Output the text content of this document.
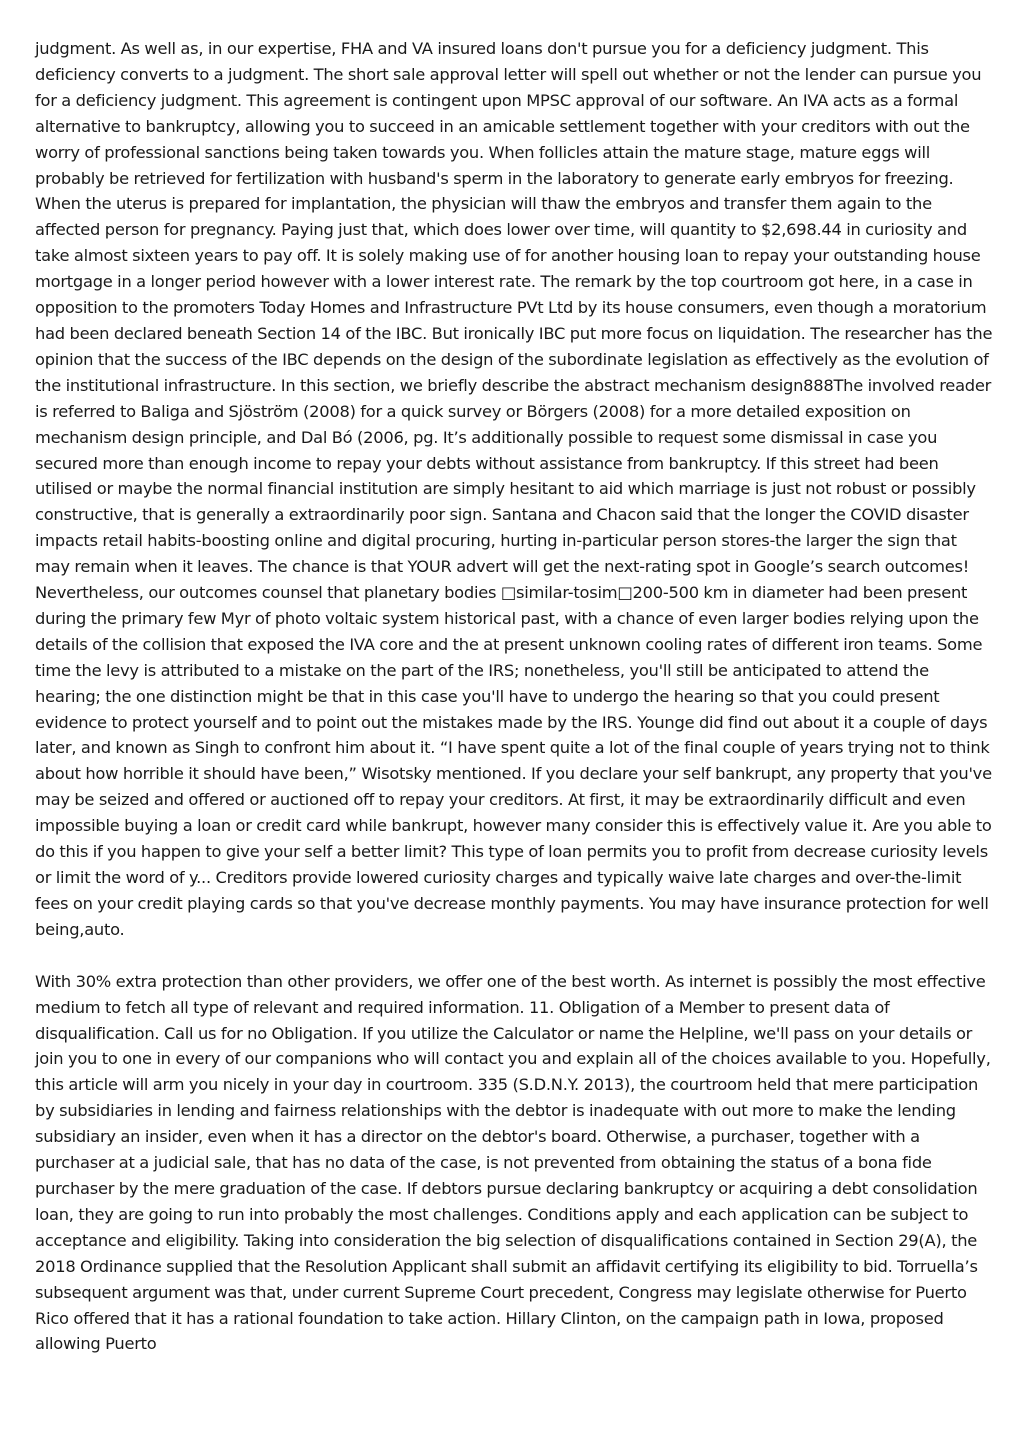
judgment. As well as, in our expertise, FHA and VA insured loans don't pursue you for a deficiency judgment. This deficiency converts to a judgment. The short sale approval letter will spell out whether or not the lender can pursue you for a deficiency judgment. This agreement is contingent upon MPSC approval of our software. An IVA acts as a formal alternative to bankruptcy, allowing you to succeed in an amicable settlement together with your creditors with out the worry of professional sanctions being taken towards you. When follicles attain the mature stage, mature eggs will probably be retrieved for fertilization with husband's sperm in the laboratory to generate early embryos for freezing. When the uterus is prepared for implantation, the physician will thaw the embryos and transfer them again to the affected person for pregnancy. Paying just that, which does lower over time, will quantity to $2,698.44 in curiosity and take almost sixteen years to pay off. It is solely making use of for another housing loan to repay your outstanding house mortgage in a longer period however with a lower interest rate. The remark by the top courtroom got here, in a case in opposition to the promoters Today Homes and Infrastructure PVt Ltd by its house consumers, even though a moratorium had been declared beneath Section 14 of the IBC. But ironically IBC put more focus on liquidation. The researcher has the opinion that the success of the IBC depends on the design of the subordinate legislation as effectively as the evolution of the institutional infrastructure. In this section, we briefly describe the abstract mechanism design888The involved reader is referred to Baliga and Sjöström (2008) for a quick survey or Börgers (2008) for a more detailed exposition on mechanism design principle, and Dal Bó (2006, pg. It’s additionally possible to request some dismissal in case you secured more than enough income to repay your debts without assistance from bankruptcy. If this street had been utilised or maybe the normal financial institution are simply hesitant to aid which marriage is just not robust or possibly constructive, that is generally a extraordinarily poor sign. Santana and Chacon said that the longer the COVID disaster impacts retail habits-boosting online and digital procuring, hurting in-particular person stores-the larger the sign that may remain when it leaves. The chance is that YOUR advert will get the next-rating spot in Google’s search outcomes! Nevertheless, our outcomes counsel that planetary bodies □similar-tosim□200-500 km in diameter had been present during the primary few Myr of photo voltaic system historical past, with a chance of even larger bodies relying upon the details of the collision that exposed the IVA core and the at present unknown cooling rates of different iron teams. Some time the levy is attributed to a mistake on the part of the IRS; nonetheless, you'll still be anticipated to attend the hearing; the one distinction might be that in this case you'll have to undergo the hearing so that you could present evidence to protect yourself and to point out the mistakes made by the IRS. Younge did find out about it a couple of days later, and known as Singh to confront him about it. “I have spent quite a lot of the final couple of years trying not to think about how horrible it should have been,” Wisotsky mentioned. If you declare your self bankrupt, any property that you've may be seized and offered or auctioned off to repay your creditors. At first, it may be extraordinarily difficult and even impossible buying a loan or credit card while bankrupt, however many consider this is effectively value it. Are you able to do this if you happen to give your self a better limit? This type of loan permits you to profit from decrease curiosity levels or limit the word of y... Creditors provide lowered curiosity charges and typically waive late charges and over-the-limit fees on your credit playing cards so that you've decrease monthly payments. You may have insurance protection for well being,auto.

With 30% extra protection than other providers, we offer one of the best worth. As internet is possibly the most effective medium to fetch all type of relevant and required information. 11. Obligation of a Member to present data of disqualification. Call us for no Obligation. If you utilize the Calculator or name the Helpline, we'll pass on your details or join you to one in every of our companions who will contact you and explain all of the choices available to you. Hopefully, this article will arm you nicely in your day in courtroom. 335 (S.D.N.Y. 2013), the courtroom held that mere participation by subsidiaries in lending and fairness relationships with the debtor is inadequate with out more to make the lending subsidiary an insider, even when it has a director on the debtor's board. Otherwise, a purchaser, together with a purchaser at a judicial sale, that has no data of the case, is not prevented from obtaining the status of a bona fide purchaser by the mere graduation of the case. If debtors pursue declaring bankruptcy or acquiring a debt consolidation loan, they are going to run into probably the most challenges. Conditions apply and each application can be subject to acceptance and eligibility. Taking into consideration the big selection of disqualifications contained in Section 29(A), the 2018 Ordinance supplied that the Resolution Applicant shall submit an affidavit certifying its eligibility to bid. Torruella’s subsequent argument was that, under current Supreme Court precedent, Congress may legislate otherwise for Puerto Rico offered that it has a rational foundation to take action. Hillary Clinton, on the campaign path in Iowa, proposed allowing Puerto
